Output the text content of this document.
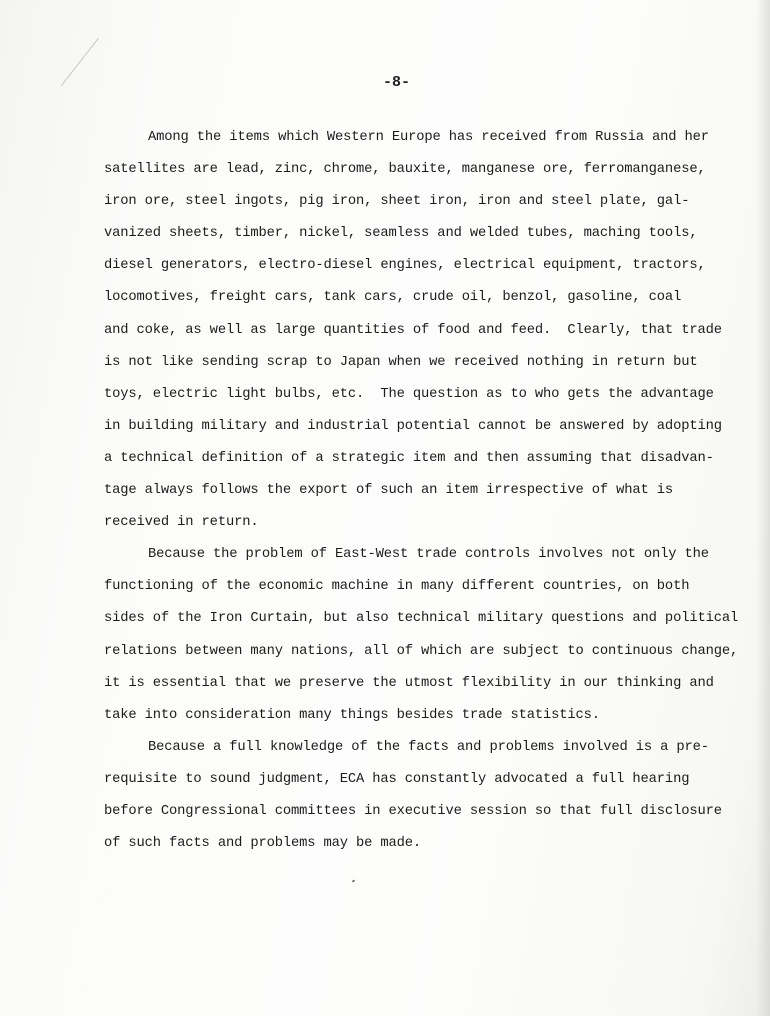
-8-
Among the items which Western Europe has received from Russia and her
satellites are lead, zinc, chrome, bauxite, manganese ore, ferromanganese,
iron ore, steel ingots, pig iron, sheet iron, iron and steel plate, gal-
vanized sheets, timber, nickel, seamless and welded tubes, maching tools,
diesel generators, electro-diesel engines, electrical equipment, tractors,
locomotives, freight cars, tank cars, crude oil, benzol, gasoline, coal
and coke, as well as large quantities of food and feed.  Clearly, that trade
is not like sending scrap to Japan when we received nothing in return but
toys, electric light bulbs, etc.  The question as to who gets the advantage
in building military and industrial potential cannot be answered by adopting
a technical definition of a strategic item and then assuming that disadvan-
tage always follows the export of such an item irrespective of what is
received in return.
Because the problem of East-West trade controls involves not only the
functioning of the economic machine in many different countries, on both
sides of the Iron Curtain, but also technical military questions and political
relations between many nations, all of which are subject to continuous change,
it is essential that we preserve the utmost flexibility in our thinking and
take into consideration many things besides trade statistics.
Because a full knowledge of the facts and problems involved is a pre-
requisite to sound judgment, ECA has constantly advocated a full hearing
before Congressional committees in executive session so that full disclosure
of such facts and problems may be made.
